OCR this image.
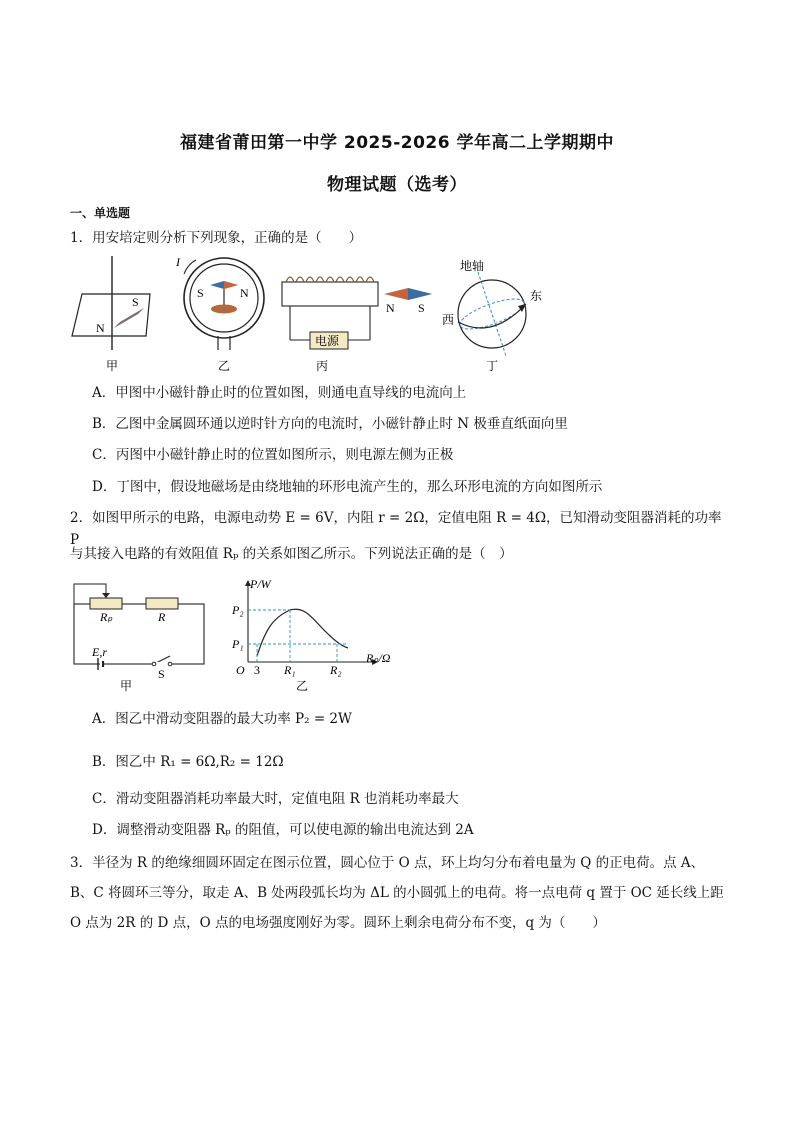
福建省莆田第一中学 2025-2026 学年高二上学期期中
物理试题（选考）
一、单选题
1．用安培定则分析下列现象，正确的是（　　）
S
N
甲
I
S	N
乙
电源
N S
丙
地轴
东
西
丁
A．甲图中小磁针静止时的位置如图，则通电直导线的电流向上
B．乙图中金属圆环通以逆时针方向的电流时，小磁针静止时 N 极垂直纸面向里
C．丙图中小磁针静止时的位置如图所示，则电源左侧为正极
D．丁图中，假设地磁场是由绕地轴的环形电流产生的，那么环形电流的方向如图所示
2．如图甲所示的电路，电源电动势 E = 6V，内阻 r = 2Ω，定值电阻 R = 4Ω，已知滑动变阻器消耗的功率 P
与其接入电路的有效阻值 Rₚ 的关系如图乙所示。下列说法正确的是（　）
Rₚ	R
E,r
S
甲
P/W
Rₚ/Ω
O 3 R₁	R₂
P₂
P₁
乙
A．图乙中滑动变阻器的最大功率 P₂ = 2W
B．图乙中 R₁ = 6Ω,R₂ = 12Ω
C．滑动变阻器消耗功率最大时，定值电阻 R 也消耗功率最大
D．调整滑动变阻器 Rₚ 的阻值，可以使电源的输出电流达到 2A
3．半径为 R 的绝缘细圆环固定在图示位置，圆心位于 O 点，环上均匀分布着电量为 Q 的正电荷。点 A、
B、C 将圆环三等分，取走 A、B 处两段弧长均为 ΔL 的小圆弧上的电荷。将一点电荷 q 置于 OC 延长线上距
O 点为 2R 的 D 点，O 点的电场强度刚好为零。圆环上剩余电荷分布不变，q 为（　　）
